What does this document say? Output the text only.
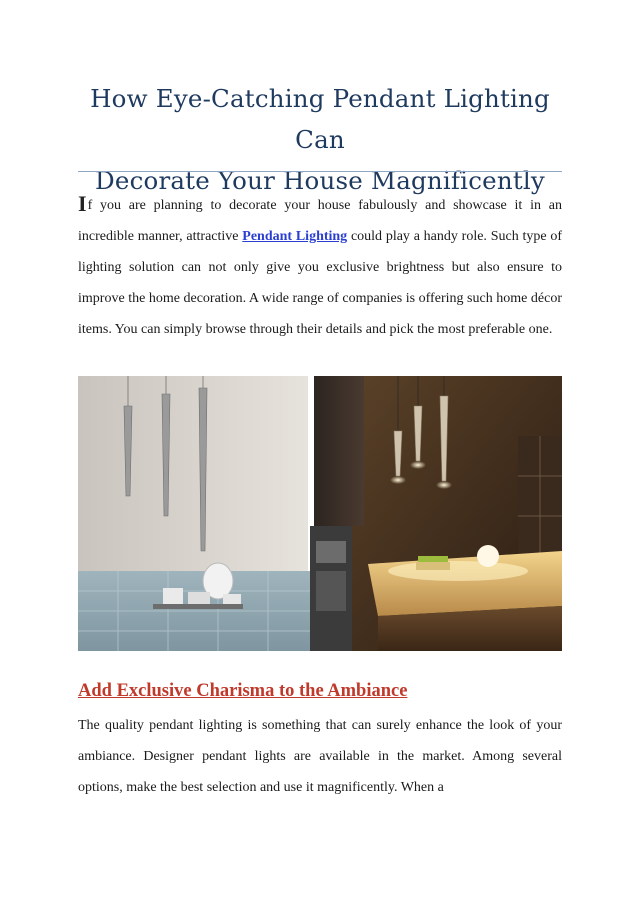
How Eye-Catching Pendant Lighting Can
Decorate Your House Magnificently

If you are planning to decorate your house fabulously and showcase it in an incredible manner, attractive Pendant Lighting could play a handy role. Such type of lighting solution can not only give you exclusive brightness but also ensure to improve the home decoration. A wide range of companies is offering such home décor items. You can simply browse through their details and pick the most preferable one.

Add Exclusive Charisma to the Ambiance

The quality pendant lighting is something that can surely enhance the look of your ambiance. Designer pendant lights are available in the market. Among several options, make the best selection and use it magnificently. When a
